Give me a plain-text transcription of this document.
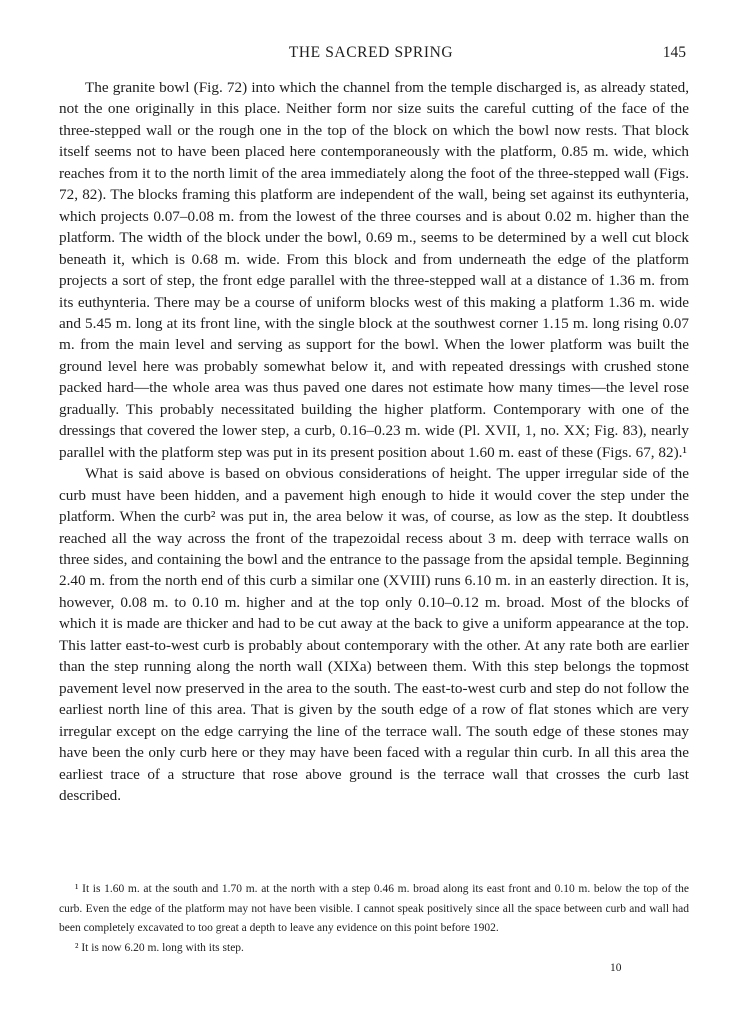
THE SACRED SPRING	145

The granite bowl (Fig. 72) into which the channel from the temple discharged is, as already stated, not the one originally in this place. Neither form nor size suits the careful cutting of the face of the three-stepped wall or the rough one in the top of the block on which the bowl now rests. That block itself seems not to have been placed here contemporaneously with the platform, 0.85 m. wide, which reaches from it to the north limit of the area immediately along the foot of the three-stepped wall (Figs. 72, 82). The blocks framing this platform are independent of the wall, being set against its euthynteria, which projects 0.07–0.08 m. from the lowest of the three courses and is about 0.02 m. higher than the platform. The width of the block under the bowl, 0.69 m., seems to be determined by a well cut block beneath it, which is 0.68 m. wide. From this block and from underneath the edge of the platform projects a sort of step, the front edge parallel with the three-stepped wall at a distance of 1.36 m. from its euthynteria. There may be a course of uniform blocks west of this making a platform 1.36 m. wide and 5.45 m. long at its front line, with the single block at the southwest corner 1.15 m. long rising 0.07 m. from the main level and serving as support for the bowl. When the lower platform was built the ground level here was probably somewhat below it, and with repeated dressings with crushed stone packed hard—the whole area was thus paved one dares not estimate how many times—the level rose gradually. This probably necessitated building the higher platform. Contemporary with one of the dressings that covered the lower step, a curb, 0.16–0.23 m. wide (Pl. XVII, 1, no. XX; Fig. 83), nearly parallel with the platform step was put in its present position about 1.60 m. east of these (Figs. 67, 82).¹

What is said above is based on obvious considerations of height. The upper irregular side of the curb must have been hidden, and a pavement high enough to hide it would cover the step under the platform. When the curb² was put in, the area below it was, of course, as low as the step. It doubtless reached all the way across the front of the trapezoidal recess about 3 m. deep with terrace walls on three sides, and containing the bowl and the entrance to the passage from the apsidal temple. Beginning 2.40 m. from the north end of this curb a similar one (XVIII) runs 6.10 m. in an easterly direction. It is, however, 0.08 m. to 0.10 m. higher and at the top only 0.10–0.12 m. broad. Most of the blocks of which it is made are thicker and had to be cut away at the back to give a uniform appearance at the top. This latter east-to-west curb is probably about contemporary with the other. At any rate both are earlier than the step running along the north wall (XIXa) between them. With this step belongs the topmost pavement level now preserved in the area to the south. The east-to-west curb and step do not follow the earliest north line of this area. That is given by the south edge of a row of flat stones which are very irregular except on the edge carrying the line of the terrace wall. The south edge of these stones may have been the only curb here or they may have been faced with a regular thin curb. In all this area the earliest trace of a structure that rose above ground is the terrace wall that crosses the curb last described.

¹ It is 1.60 m. at the south and 1.70 m. at the north with a step 0.46 m. broad along its east front and 0.10 m. below the top of the curb. Even the edge of the platform may not have been visible. I cannot speak positively since all the space between curb and wall had been completely excavated to too great a depth to leave any evidence on this point before 1902.

² It is now 6.20 m. long with its step.

10
